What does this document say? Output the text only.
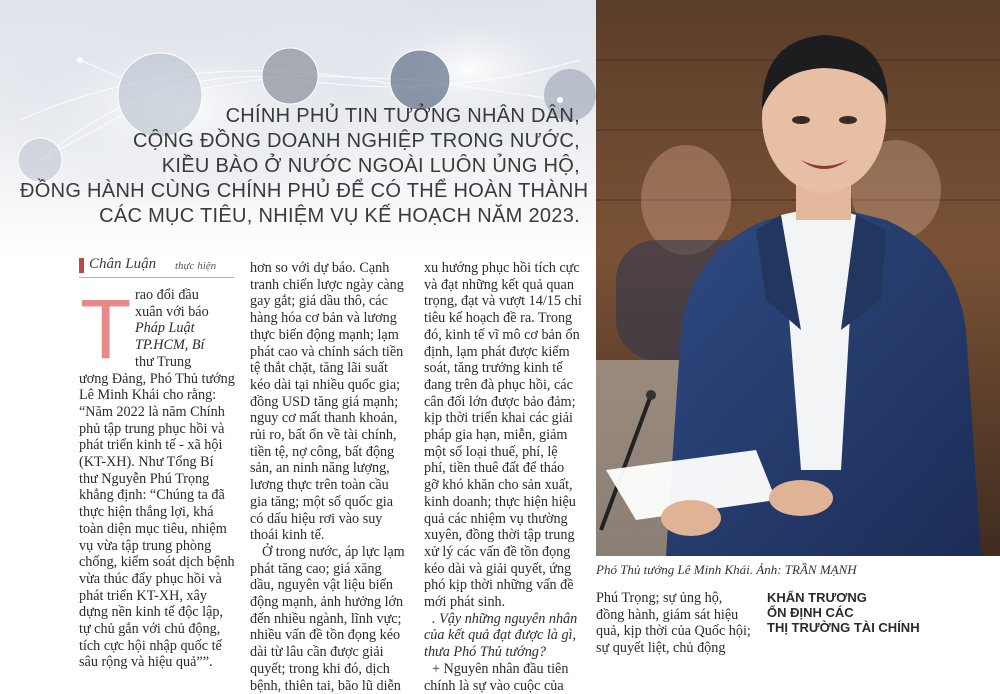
CHÍNH PHỦ TIN TƯỞNG NHÂN DÂN,
CỘNG ĐỒNG DOANH NGHIỆP TRONG NƯỚC,
KIỀU BÀO Ở NƯỚC NGOÀI LUÔN ỦNG HỘ,
ĐỒNG HÀNH CÙNG CHÍNH PHỦ ĐỂ CÓ THỂ HOÀN THÀNH
CÁC MỤC TIÊU, NHIỆM VỤ KẾ HOẠCH NĂM 2023.
Chân Luận thực hiện
T rao đổi đầu
xuân với báo
Pháp Luật
TP.HCM, Bí
thư Trung
ương Đảng, Phó Thủ tướng
Lê Minh Khái cho rằng:
“Năm 2022 là năm Chính
phủ tập trung phục hồi và
phát triển kinh tế - xã hội
(KT-XH). Như Tổng Bí
thư Nguyễn Phú Trọng
khẳng định: “Chúng ta đã
thực hiện thắng lợi, khá
toàn diện mục tiêu, nhiệm
vụ vừa tập trung phòng
chống, kiểm soát dịch bệnh
vừa thúc đẩy phục hồi và
phát triển KT-XH, xây
dựng nền kinh tế độc lập,
tự chủ gắn với chủ động,
tích cực hội nhập quốc tế
sâu rộng và hiệu quả””.
hơn so với dự báo. Cạnh
tranh chiến lược ngày càng
gay gắt; giá dầu thô, các
hàng hóa cơ bản và lương
thực biến động mạnh; lạm
phát cao và chính sách tiền
tệ thắt chặt, tăng lãi suất
kéo dài tại nhiều quốc gia;
đồng USD tăng giá mạnh;
nguy cơ mất thanh khoản,
rủi ro, bất ổn về tài chính,
tiền tệ, nợ công, bất động
sản, an ninh năng lượng,
lương thực trên toàn cầu
gia tăng; một số quốc gia
có dấu hiệu rơi vào suy
thoái kinh tế.
Ở trong nước, áp lực lạm
phát tăng cao; giá xăng
dầu, nguyên vật liệu biến
động mạnh, ảnh hưởng lớn
đến nhiều ngành, lĩnh vực;
nhiều vấn đề tồn đọng kéo
dài từ lâu cần được giải
quyết; trong khi đó, dịch
bệnh, thiên tai, bão lũ diễn
xu hướng phục hồi tích cực
và đạt những kết quả quan
trọng, đạt và vượt 14/15 chỉ
tiêu kế hoạch đề ra. Trong
đó, kinh tế vĩ mô cơ bản ổn
định, lạm phát được kiểm
soát, tăng trưởng kinh tế
đang trên đà phục hồi, các
cân đối lớn được bảo đảm;
kịp thời triển khai các giải
pháp gia hạn, miễn, giảm
một số loại thuế, phí, lệ
phí, tiền thuê đất để tháo
gỡ khó khăn cho sản xuất,
kinh doanh; thực hiện hiệu
quả các nhiệm vụ thường
xuyên, đồng thời tập trung
xử lý các vấn đề tồn đọng
kéo dài và giải quyết, ứng
phó kịp thời những vấn đề
mới phát sinh.
. Vậy những nguyên nhân
của kết quả đạt được là gì,
thưa Phó Thủ tướng?
+ Nguyên nhân đầu tiên
chính là sự vào cuộc của
Phú Trọng; sự ủng hộ,
đồng hành, giám sát hiệu
quả, kịp thời của Quốc hội;
sự quyết liệt, chủ động
Phó Thủ tướng Lê Minh Khái. Ảnh: TRẦN MẠNH
KHẨN TRƯƠNG
ỔN ĐỊNH CÁC
THỊ TRƯỜNG TÀI CHÍNH
